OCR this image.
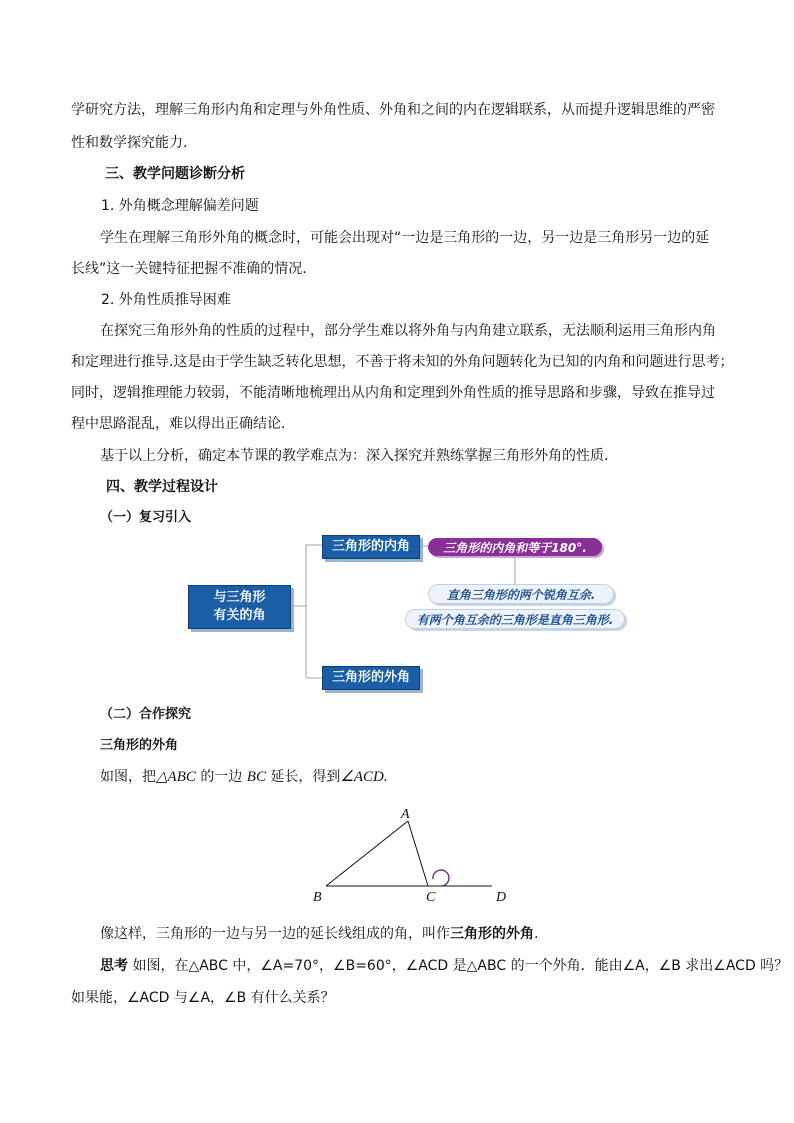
学研究方法，理解三角形内角和定理与外角性质、外角和之间的内在逻辑联系，从而提升逻辑思维的严密
性和数学探究能力.
三、教学问题诊断分析
1. 外角概念理解偏差问题
学生在理解三角形外角的概念时，可能会出现对“一边是三角形的一边，另一边是三角形另一边的延
长线”这一关键特征把握不准确的情况.
2. 外角性质推导困难
在探究三角形外角的性质的过程中，部分学生难以将外角与内角建立联系，无法顺利运用三角形内角
和定理进行推导.这是由于学生缺乏转化思想，不善于将未知的外角问题转化为已知的内角和问题进行思考；
同时，逻辑推理能力较弱，不能清晰地梳理出从内角和定理到外角性质的推导思路和步骤，导致在推导过
程中思路混乱，难以得出正确结论.
基于以上分析，确定本节课的教学难点为：深入探究并熟练掌握三角形外角的性质.
四、教学过程设计
（一）复习引入
与三角形
有关的角
三角形的内角
三角形的外角
三角形的内角和等于180°.
直角三角形的两个锐角互余.
有两个角互余的三角形是直角三角形.
（二）合作探究
三角形的外角
如图，把△ABC 的一边 BC 延长，得到∠ACD.
A
B	C	D
像这样，三角形的一边与另一边的延长线组成的角，叫作三角形的外角.
思考 如图，在△ABC 中，∠A=70°，∠B=60°，∠ACD 是△ABC 的一个外角．能由∠A，∠B 求出∠ACD 吗？
如果能，∠ACD 与∠A，∠B 有什么关系？
